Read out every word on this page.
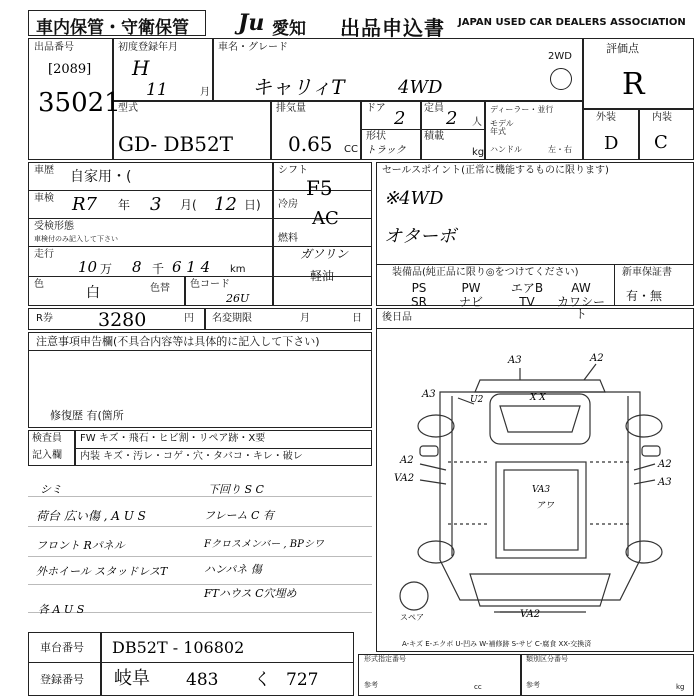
車内保管・守衛保管 Ju 愛知 出品申込書 JAPAN USED CAR DEALERS ASSOCIATION
出品番号
[2089]
35021
初度登録年月
H
11	月
車名・グレード
キャリィT	4WD
2WD
評価点
R
外装	内装
D C
型式
GD- DB52T
排気量
0.65 CC
ドア 2 定員 2 人
形状
トラック
積載
kg
ディーラー・並行
モデル
年式
ハンドル	左・右
車歴 自家用・(
車検 R7 年 3 月( 12 日)
受検形態
車検付のみ記入して下さい
走行
10 万 8 千 6 1 4 km
色
白	色替 色コード
26U
シフト
F5
冷房
AC
燃料
ガソリン
軽油
セールスポイント(正常に機能するものに限ります)
※4WD
オターボ
装備品(純正品に限り◎をつけてください)
PS	PW	エアB	AW
SR	ナビ	TV	カワシート
新車保証書
有・無
R券 3280	円 名変期限	月	日
注意事項申告欄(不具合内容等は具体的に記入して下さい)
修復歴 有(箇所
検査員
記入欄
FW キズ・飛石・ヒビ割・リペア跡・X要
内装 キズ・汚レ・コゲ・穴・タバコ・キレ・破レ
シミ
荷台 広い傷 , A U S
フロント Rパネル
外ホイール スタッドレスT
下回り S C
フレーム C 有
Fクロスメンバー , BPシワ
ハンパネ 傷
FTハウス C穴埋め
各 A U S
車台番号 DB52T - 106802
登録番号 岐阜 483 く 727
後日品
A3	A2
A3	U2	X X
A2
VA2
A2
A3
VA3
アワ
VA2
スペア
A-キズ E-エクボ U-凹み W-補修跡 S-サビ C-腐食 XX-交換済
形式指定番号
参考
類別区分番号
参考
cc	kg
